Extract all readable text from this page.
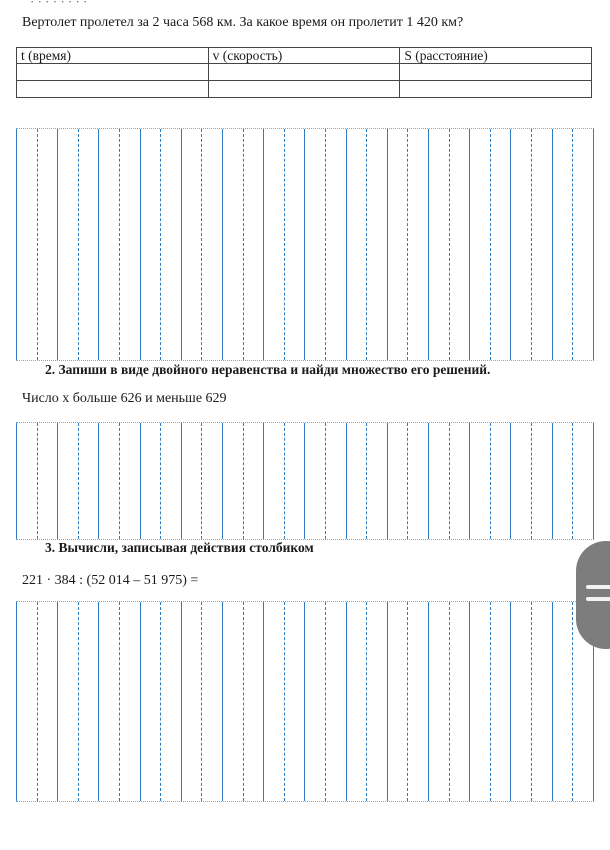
· · · · · · · ·
Вертолет пролетел за 2 часа 568 км. За какое время он пролетит 1 420 км?
t (время)	v (скорость)	S (расстояние)

2. Запиши в виде двойного неравенства и найди множество его решений.
Число х больше 626 и меньше 629
3. Вычисли, записывая действия столбиком
221 · 384 : (52 014 – 51 975) =
